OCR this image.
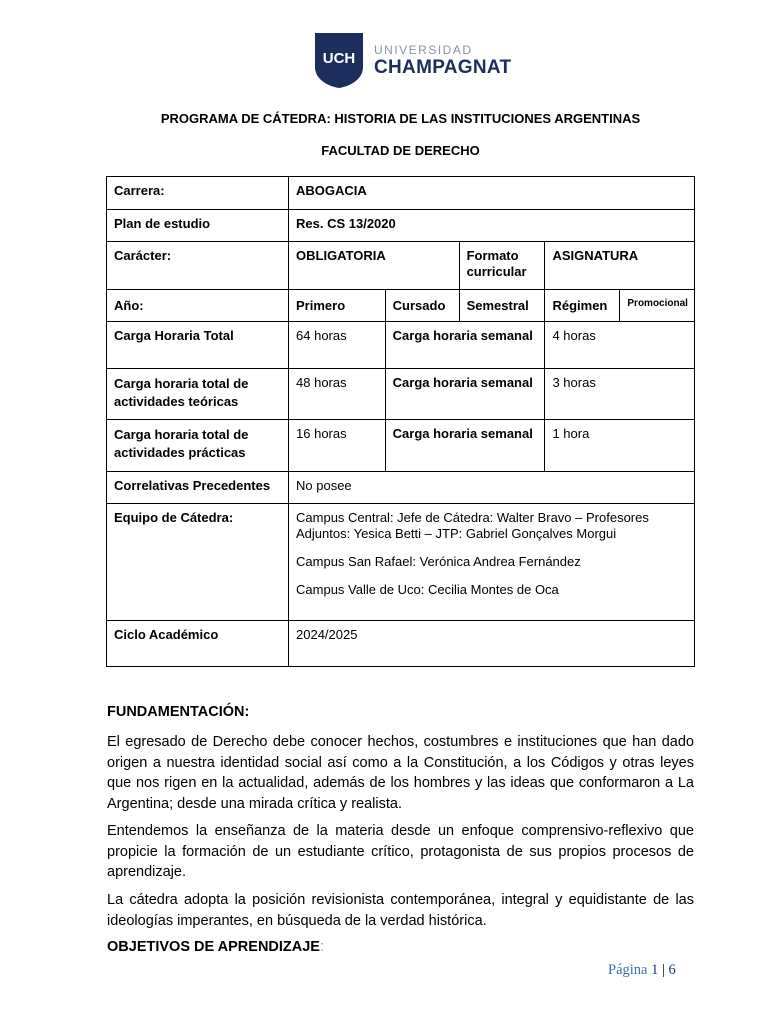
UCH
UNIVERSIDAD
CHAMPAGNAT
PROGRAMA DE CÁTEDRA: HISTORIA DE LAS INSTITUCIONES ARGENTINAS
FACULTAD DE DERECHO
Carrera:	ABOGACIA				
Plan de estudio	Res. CS 13/2020				
Carácter:	OBLIGATORIA		Formato curricular	ASIGNATURA	
Año:	Primero	Cursado	Semestral	Régimen	Promocional
Carga Horaria Total	64 horas	Carga horaria semanal		4 horas	
Carga horaria total de actividades teóricas	48 horas	Carga horaria semanal		3 horas	
Carga horaria total de actividades prácticas	16 horas	Carga horaria semanal		1 hora	
Correlativas Precedentes	No posee				
Equipo de Cátedra:	Campus Central: Jefe de Cátedra: Walter Bravo – Profesores Adjuntos: Yesica Betti – JTP: Gabriel Gonçalves Morgui

Campus San Rafael: Verónica Andrea Fernández

Campus Valle de Uco: Cecilia Montes de Oca				

Ciclo Académico	2024/2025				
FUNDAMENTACIÓN:

El egresado de Derecho debe conocer hechos, costumbres e instituciones que han dado origen a nuestra identidad social así como a la Constitución, a los Códigos y otras leyes que nos rigen en la actualidad, además de los hombres y las ideas que conformaron a La Argentina; desde una mirada crítica y realista.

Entendemos la enseñanza de la materia desde un enfoque comprensivo-reflexivo que propicie la formación de un estudiante crítico, protagonista de sus propios procesos de aprendizaje.

La cátedra adopta la posición revisionista contemporánea, integral y equidistante de las ideologías imperantes, en búsqueda de la verdad histórica.

OBJETIVOS DE APRENDIZAJE:
Página 1 | 6
